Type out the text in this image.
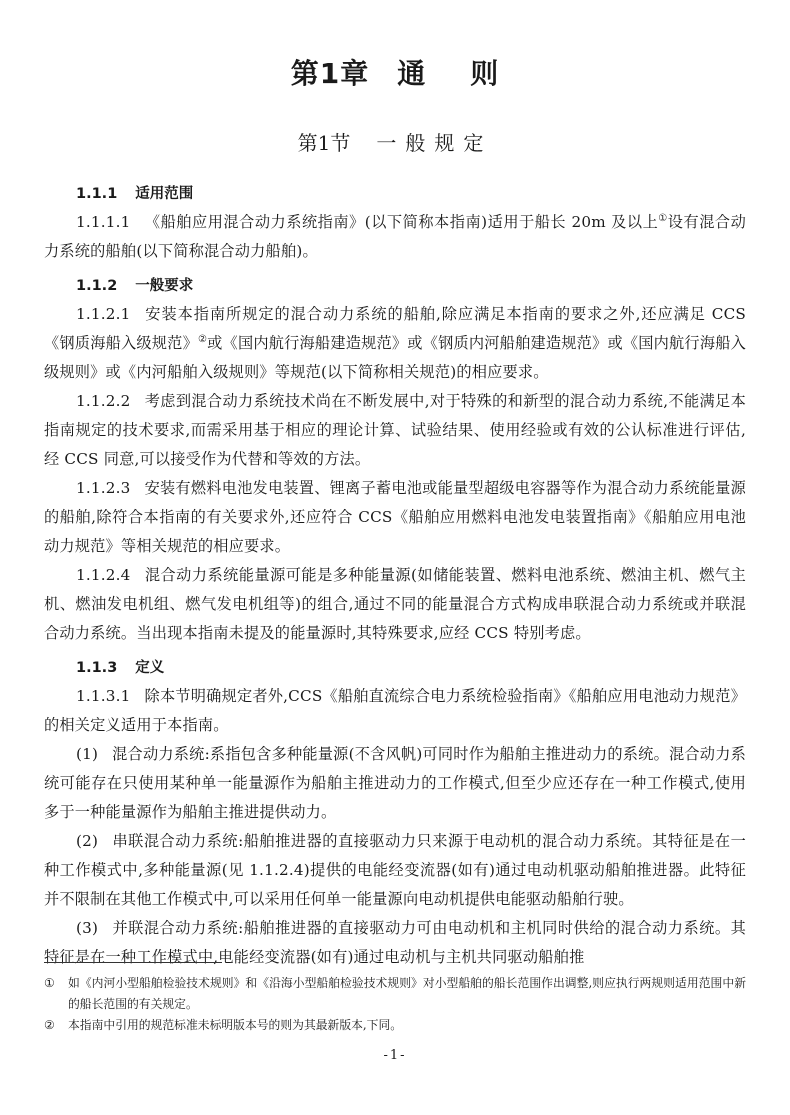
第1章 通 则
第1节 一般规定
1.1.1 适用范围

1.1.1.1 《船舶应用混合动力系统指南》(以下简称本指南)适用于船长 20m 及以上①设有混合动力系统的船舶(以下简称混合动力船舶)。

1.1.2 一般要求

1.1.2.1 安装本指南所规定的混合动力系统的船舶,除应满足本指南的要求之外,还应满足 CCS《钢质海船入级规范》②或《国内航行海船建造规范》或《钢质内河船舶建造规范》或《国内航行海船入级规则》或《内河船舶入级规则》等规范(以下简称相关规范)的相应要求。

1.1.2.2 考虑到混合动力系统技术尚在不断发展中,对于特殊的和新型的混合动力系统,不能满足本指南规定的技术要求,而需采用基于相应的理论计算、试验结果、使用经验或有效的公认标准进行评估,经 CCS 同意,可以接受作为代替和等效的方法。

1.1.2.3 安装有燃料电池发电装置、锂离子蓄电池或能量型超级电容器等作为混合动力系统能量源的船舶,除符合本指南的有关要求外,还应符合 CCS《船舶应用燃料电池发电装置指南》《船舶应用电池动力规范》等相关规范的相应要求。

1.1.2.4 混合动力系统能量源可能是多种能量源(如储能装置、燃料电池系统、燃油主机、燃气主机、燃油发电机组、燃气发电机组等)的组合,通过不同的能量混合方式构成串联混合动力系统或并联混合动力系统。当出现本指南未提及的能量源时,其特殊要求,应经 CCS 特别考虑。

1.1.3 定义

1.1.3.1 除本节明确规定者外,CCS《船舶直流综合电力系统检验指南》《船舶应用电池动力规范》的相关定义适用于本指南。

(1) 混合动力系统:系指包含多种能量源(不含风帆)可同时作为船舶主推进动力的系统。混合动力系统可能存在只使用某种单一能量源作为船舶主推进动力的工作模式,但至少应还存在一种工作模式,使用多于一种能量源作为船舶主推进提供动力。

(2) 串联混合动力系统:船舶推进器的直接驱动力只来源于电动机的混合动力系统。其特征是在一种工作模式中,多种能量源(见 1.1.2.4)提供的电能经变流器(如有)通过电动机驱动船舶推进器。此特征并不限制在其他工作模式中,可以采用任何单一能量源向电动机提供电能驱动船舶行驶。

(3) 并联混合动力系统:船舶推进器的直接驱动力可由电动机和主机同时供给的混合动力系统。其特征是在一种工作模式中,电能经变流器(如有)通过电动机与主机共同驱动船舶推

①	如《内河小型船舶检验技术规则》和《沿海小型船舶检验技术规则》对小型船舶的船长范围作出调整,则应执行两规则适用范围中新的船长范围的有关规定。
②	本指南中引用的规范标准未标明版本号的则为其最新版本,下同。
-1-
